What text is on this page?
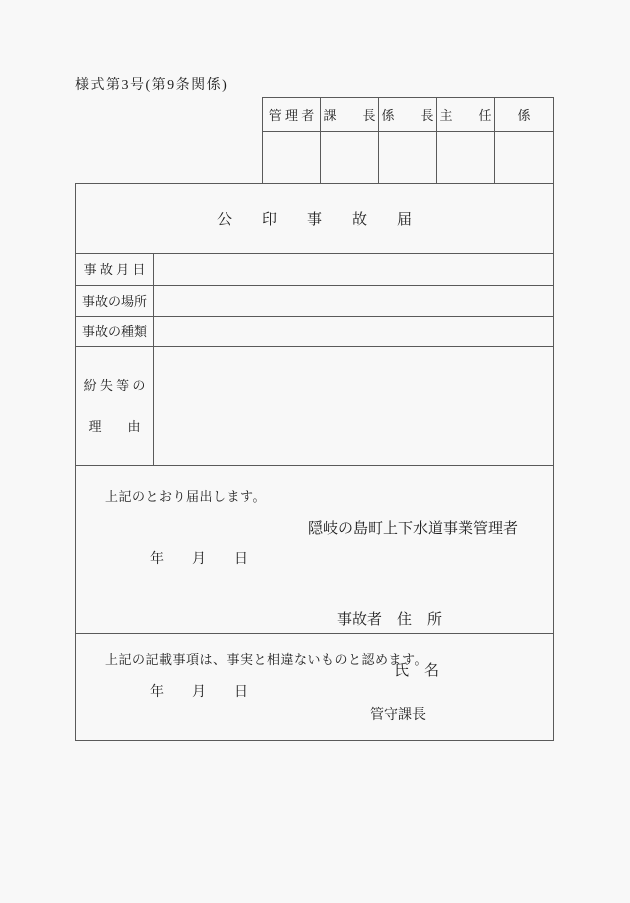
様式第3号(第9条関係)
管 理 者 課　　長 係　　長 主　　任	係
公　　印　　事　　故　　届
事 故 月 日
事故の場所
事故の種類
紛 失 等 の
理　　由
上記のとおり届出します。
隠岐の島町上下水道事業管理者
年　　月　　日

事故者　住　所

氏　名

上記の記載事項は、事実と相違ないものと認めます。
年　　月　　日
管守課長
